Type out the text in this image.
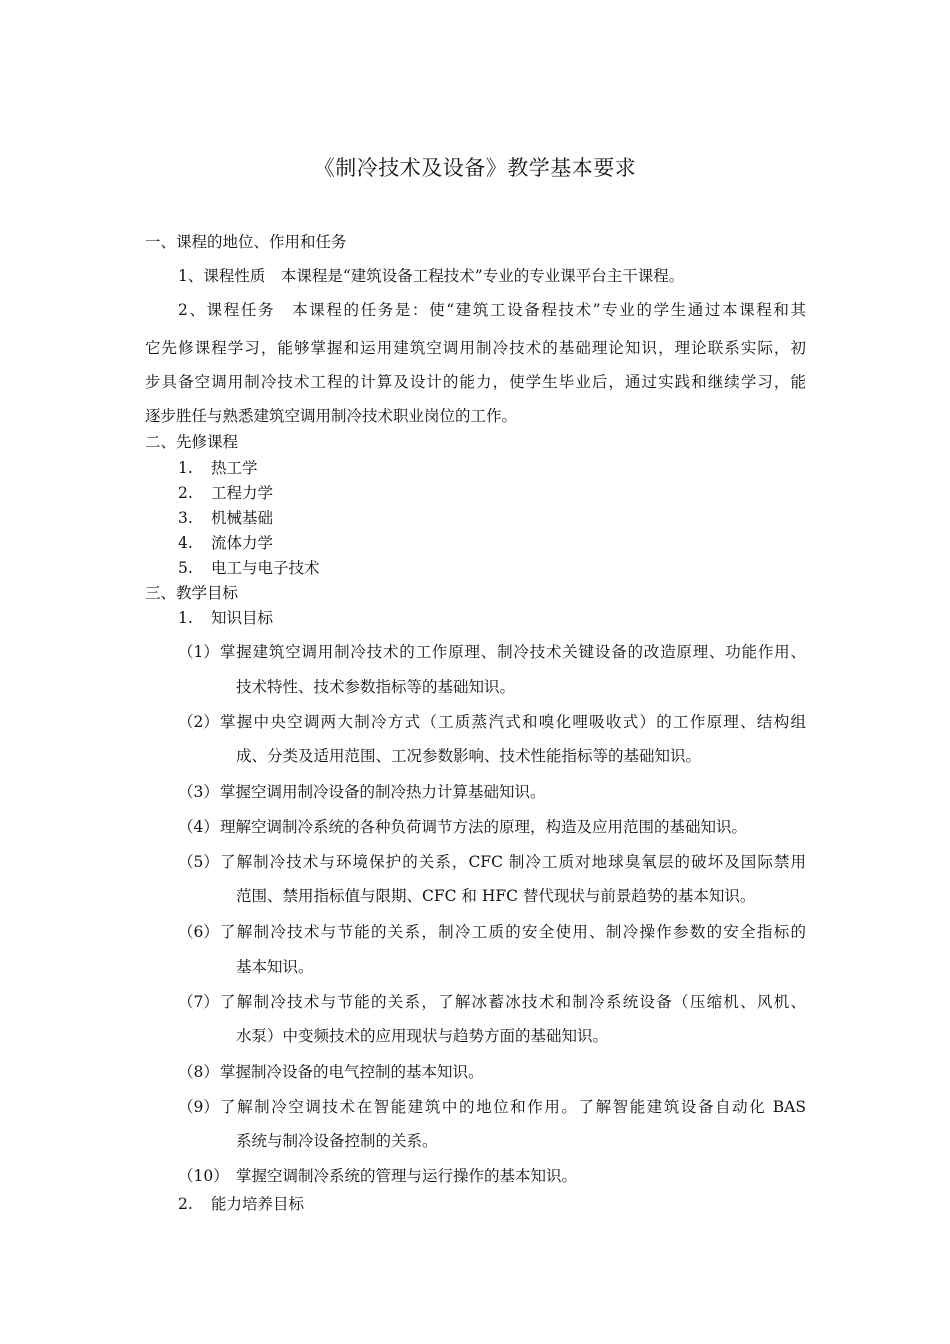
《制冷技术及设备》教学基本要求
一、课程的地位、作用和任务
1、课程性质　本课程是“建筑设备工程技术”专业的专业课平台主干课程。
2、课程任务　本课程的任务是：使“建筑工设备程技术”专业的学生通过本课程和其
它先修课程学习，能够掌握和运用建筑空调用制冷技术的基础理论知识，理论联系实际，初
步具备空调用制冷技术工程的计算及设计的能力，使学生毕业后，通过实践和继续学习，能
逐步胜任与熟悉建筑空调用制冷技术职业岗位的工作。
二、先修课程
1. 热工学
2. 工程力学
3. 机械基础
4. 流体力学
5. 电工与电子技术
三、教学目标
1. 知识目标
（1） 掌握建筑空调用制冷技术的工作原理、制冷技术关键设备的改造原理、功能作用、
技术特性、技术参数指标等的基础知识。
（2） 掌握中央空调两大制冷方式（工质蒸汽式和嗅化哩吸收式）的工作原理、结构组
成、分类及适用范围、工况参数影响、技术性能指标等的基础知识。
（3） 掌握空调用制冷设备的制冷热力计算基础知识。
（4） 理解空调制冷系统的各种负荷调节方法的原理，构造及应用范围的基础知识。
（5） 了解制冷技术与环境保护的关系，CFC 制冷工质对地球臭氧层的破坏及国际禁用
范围、禁用指标值与限期、CFC 和 HFC 替代现状与前景趋势的基本知识。
（6） 了解制冷技术与节能的关系，制冷工质的安全使用、制冷操作参数的安全指标的
基本知识。
（7） 了解制冷技术与节能的关系，了解冰蓄冰技术和制冷系统设备（压缩机、风机、
水泵）中变频技术的应用现状与趋势方面的基础知识。
（8） 掌握制冷设备的电气控制的基本知识。
（9） 了解制冷空调技术在智能建筑中的地位和作用。了解智能建筑设备自动化 BAS
系统与制冷设备控制的关系。
（10） 掌握空调制冷系统的管理与运行操作的基本知识。
2. 能力培养目标
